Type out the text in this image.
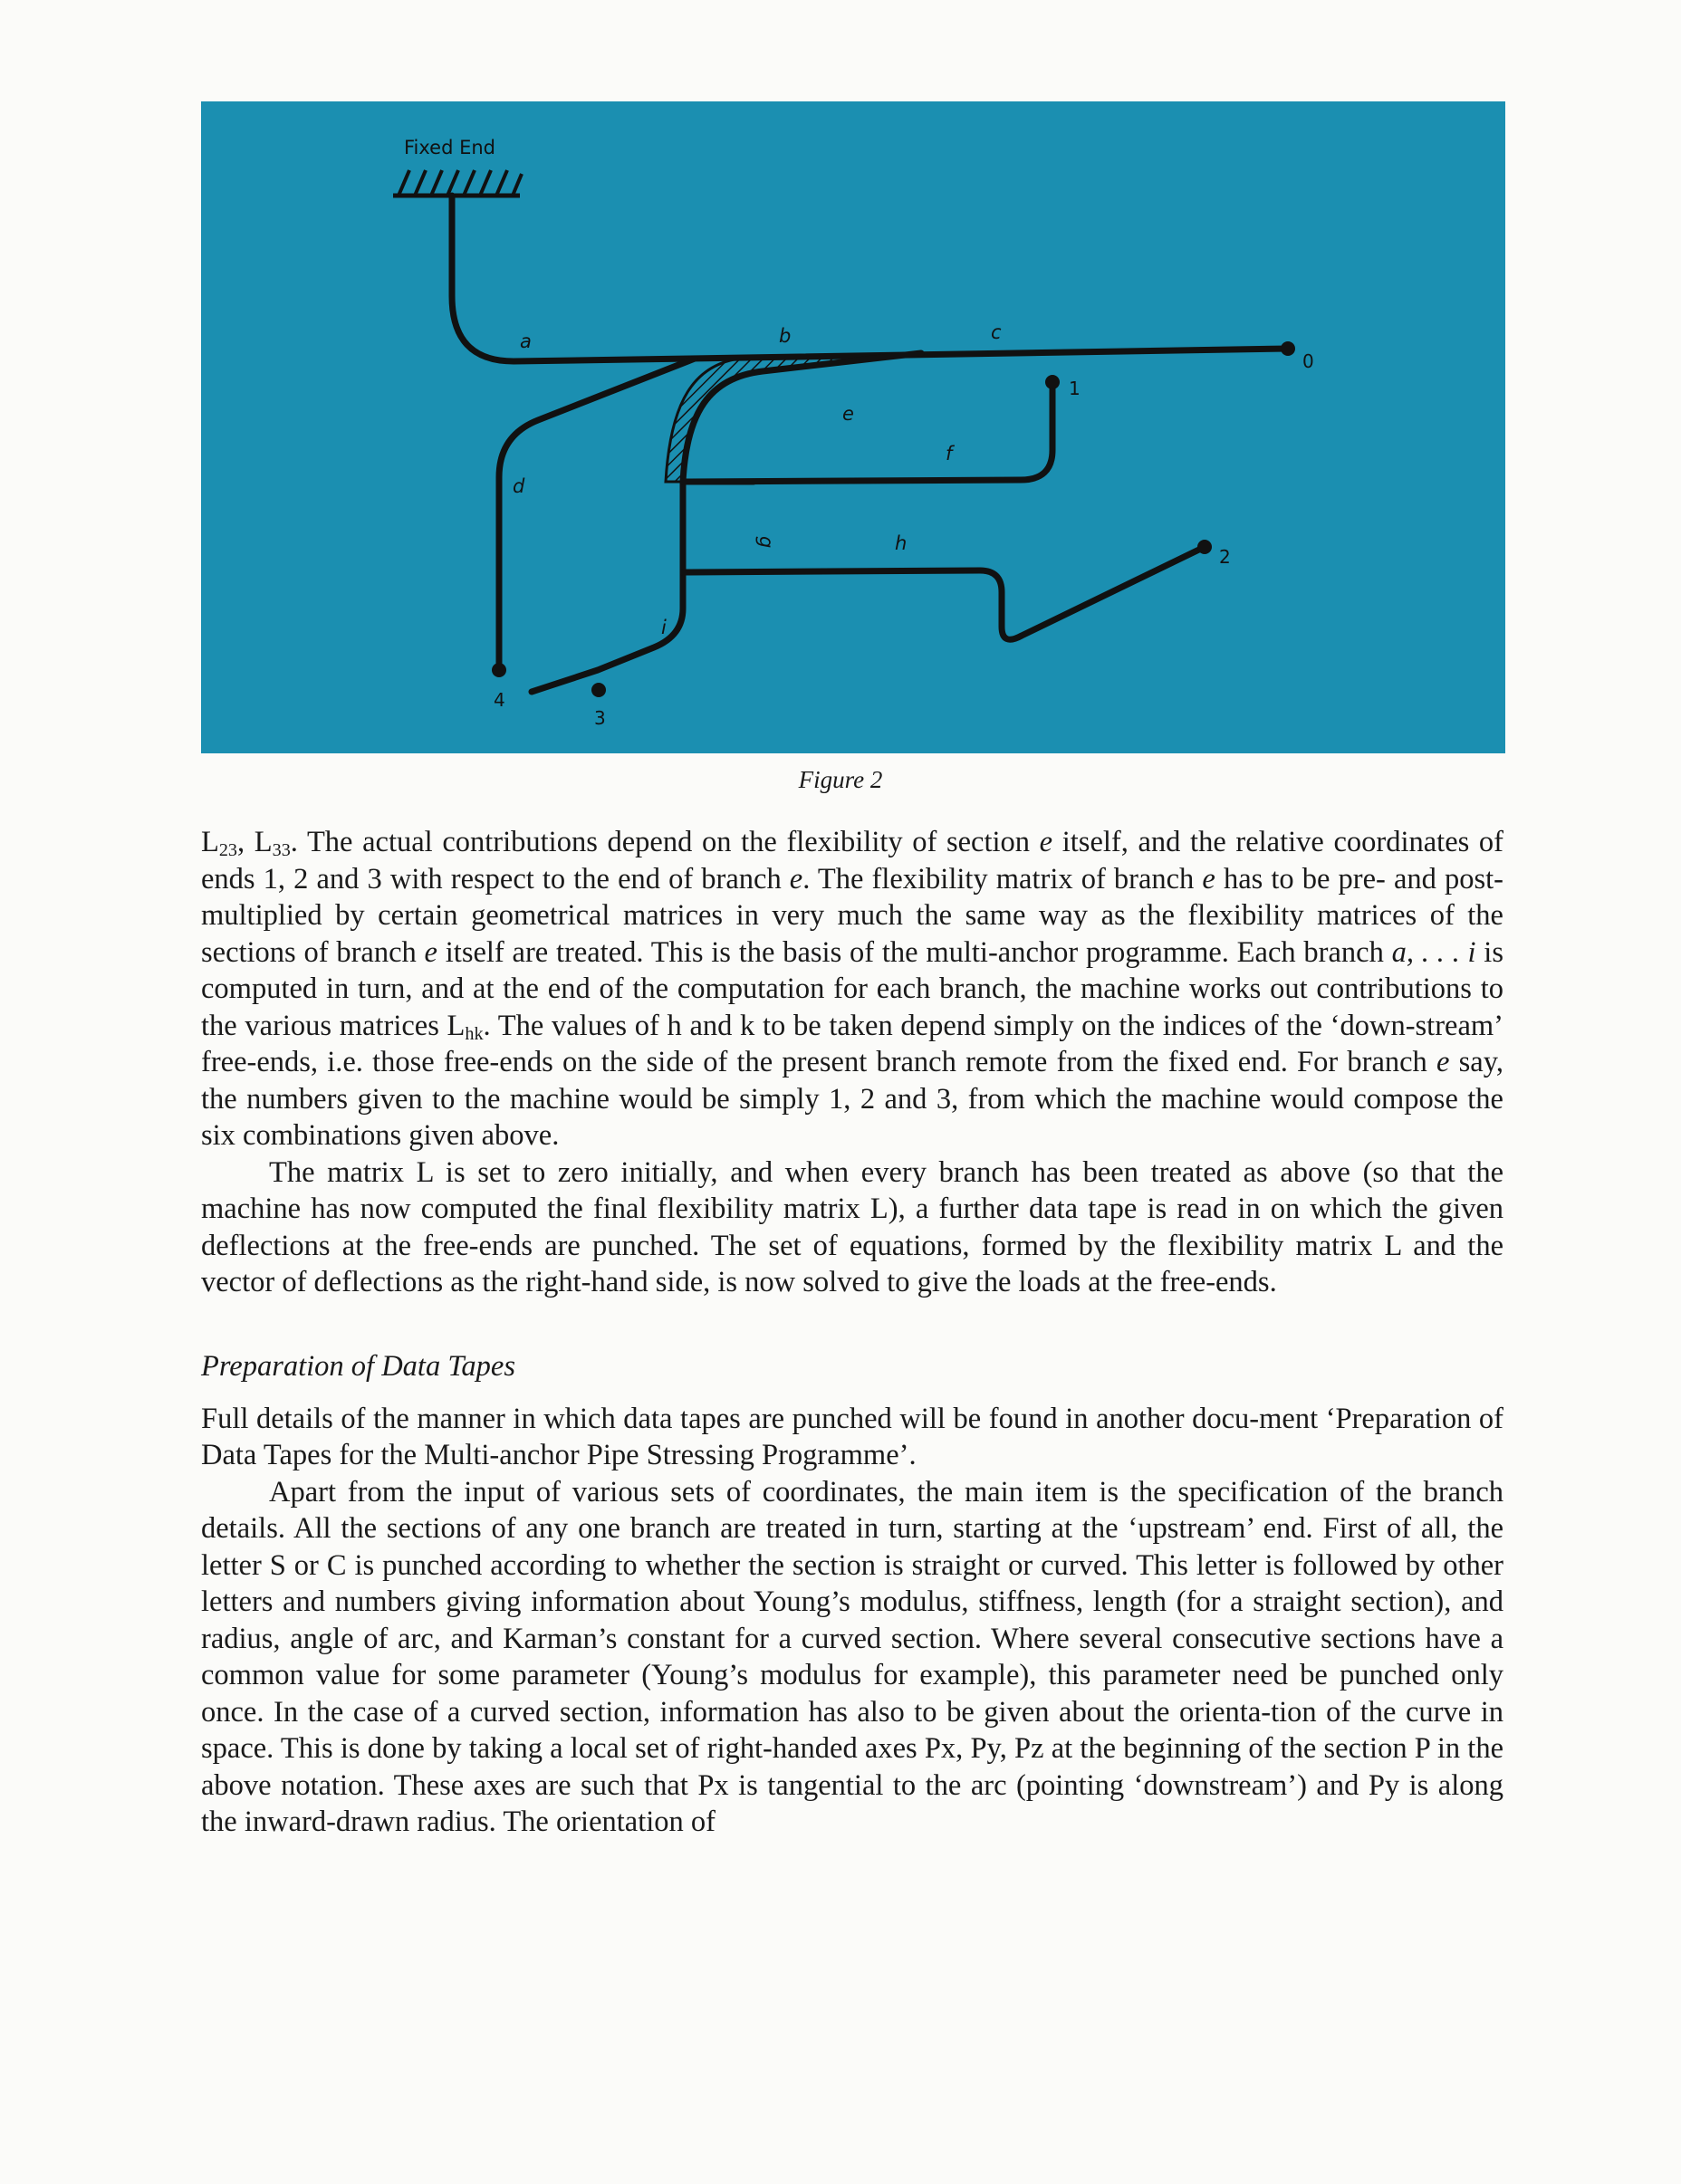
Fixed End
a	b	c
d
e
f
g	h
i
0
1
2
3
4
Figure 2

$L_{23}$, $L_{33}$. The actual contributions depend on the flexibility of section e itself, and the relative coordinates of ends 1, 2 and 3 with respect to the end of branch e. The flexibility matrix of branch e has to be pre- and post-multiplied by certain geometrical matrices in very much the same way as the flexibility matrices of the sections of branch e itself are treated. This is the basis of the multi-anchor programme. Each branch a, . . . i is computed in turn, and at the end of the computation for each branch, the machine works out contributions to the various matrices $L_{hk}$. The values of h and k to be taken depend simply on the indices of the ‘down-stream’ free-ends, i.e. those free-ends on the side of the present branch remote from the fixed end. For branch e say, the numbers given to the machine would be simply 1, 2 and 3, from which the machine would compose the six combinations given above.

The matrix L is set to zero initially, and when every branch has been treated as above (so that the machine has now computed the final flexibility matrix L), a further data tape is read in on which the given deflections at the free-ends are punched. The set of equations, formed by the flexibility matrix L and the vector of deflections as the right-hand side, is now solved to give the loads at the free-ends.

Preparation of Data Tapes

Full details of the manner in which data tapes are punched will be found in another docu-ment ‘Preparation of Data Tapes for the Multi-anchor Pipe Stressing Programme’.

Apart from the input of various sets of coordinates, the main item is the specification of the branch details. All the sections of any one branch are treated in turn, starting at the ‘upstream’ end. First of all, the letter S or C is punched according to whether the section is straight or curved. This letter is followed by other letters and numbers giving information about Young’s modulus, stiffness, length (for a straight section), and radius, angle of arc, and Karman’s constant for a curved section. Where several consecutive sections have a common value for some parameter (Young’s modulus for example), this parameter need be punched only once. In the case of a curved section, information has also to be given about the orienta-tion of the curve in space. This is done by taking a local set of right-handed axes Px, Py, Pz at the beginning of the section P in the above notation. These axes are such that Px is tangential to the arc (pointing ‘downstream’) and Py is along the inward-drawn radius. The orientation of
